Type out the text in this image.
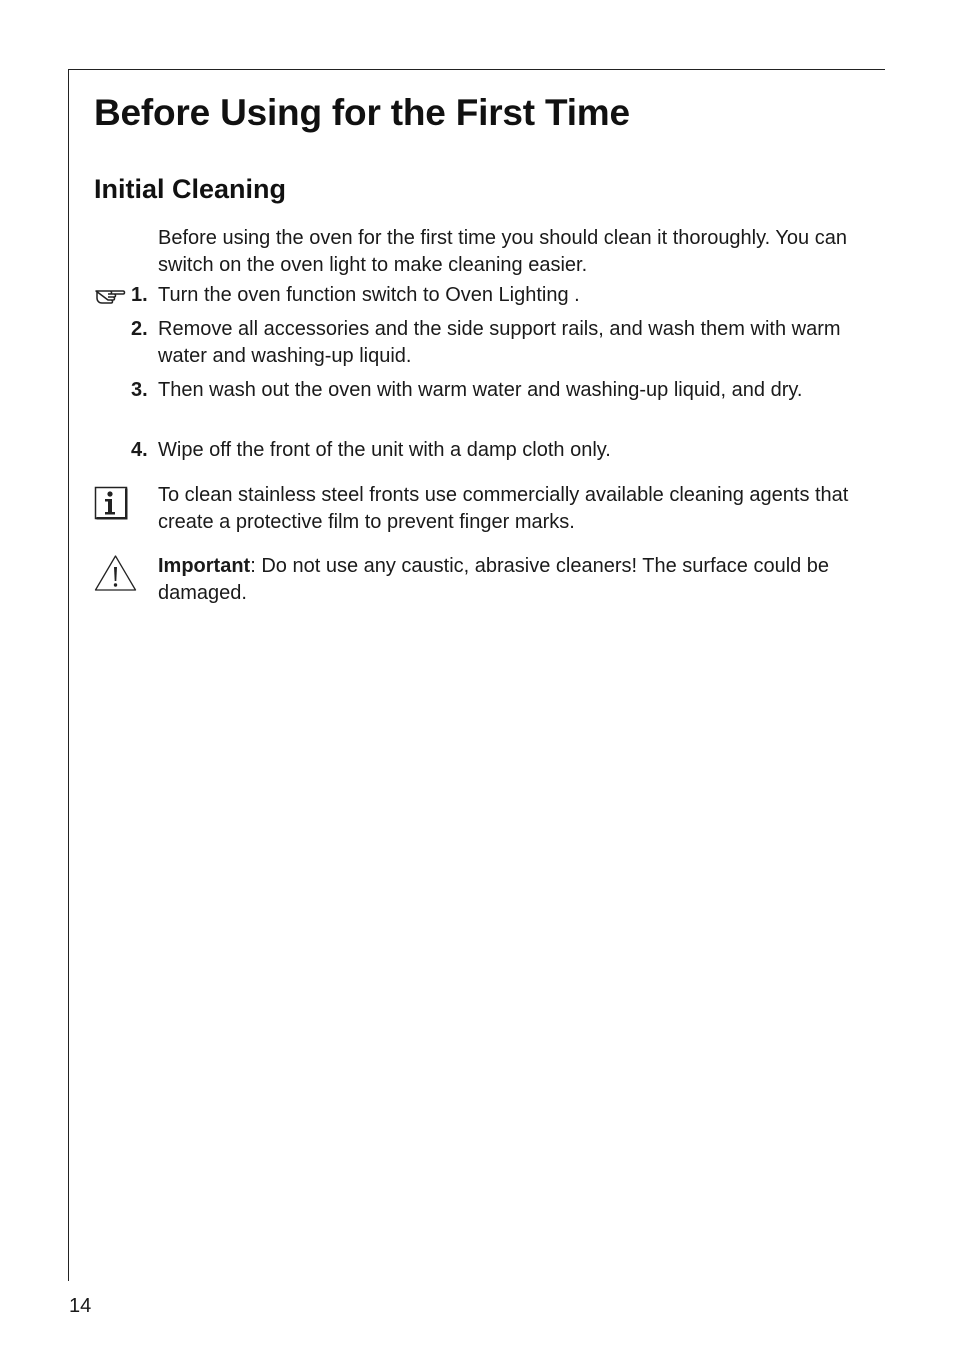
Before Using for the First Time
Initial Cleaning

Before using the oven for the first time you should clean it thoroughly. You can switch on the oven light to make cleaning easier.

1. Turn the oven function switch to Oven Lighting .
2. Remove all accessories and the side support rails, and wash them with warm water and washing-up liquid.
3. Then wash out the oven with warm water and washing-up liquid, and dry.
4. Wipe off the front of the unit with a damp cloth only.

To clean stainless steel fronts use commercially available cleaning agents that create a protective film to prevent finger marks.

Important: Do not use any caustic, abrasive cleaners! The surface could be damaged.

14
